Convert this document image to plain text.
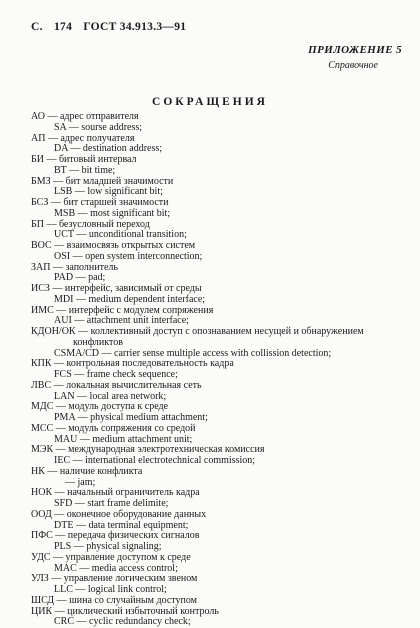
С. 174 ГОСТ 34.913.3—91
ПРИЛОЖЕНИЕ 5
Справочное
СОКРАЩЕНИЯ
АО — адрес отправителя
SA — sourse address;
АП — адрес получателя
DA — destination address;
БИ — битовый интервал
BT — bit time;
БМЗ — бит младшей значимости
LSB — low significant bit;
БСЗ — бит старшей значимости
MSB — most significant bit;
БП — безусловный переход
UCT — unconditional transition;
ВОС — взаимосвязь открытых систем
OSI — open system interconnection;
ЗАП — заполнитель
PAD — pad;
ИСЗ — интерфейс, зависимый от среды
MDI — medium dependent interface;
ИМС — интерфейс с модулем сопряжения
AUI — attachment unit interface;
КДОН/ОК — коллективный доступ с опознаванием несущей и обнаружением
конфликтов
CSMA/CD — carrier sense multiple access with collission detection;
КПК — контрольная последовательность кадра
FCS — frame check sequence;
ЛВС — локальная вычислительная сеть
LAN — local area network;
МДС — модуль доступа к среде
PMA — physical medium attachment;
МСС — модуль сопряжения со средой
MAU — medium attachment unit;
МЭК — международная электротехническая комиссия
IEC — international electrotechnical commission;
НК — наличие конфликта
— jam;
НОК — начальный ограничитель кадра
SFD — start frame delimite;
ООД — оконечное оборудование данных
DTE — data terminal equipment;
ПФС — передача физических сигналов
PLS — physical signaling;
УДС — управление доступом к среде
MAC — media access control;
УЛЗ — управление логическим звеном
LLC — logical link control;
ШСД — шина со случайным доступом
ЦИК — циклический избыточный контроль
CRC — cyclic redundancy check;
